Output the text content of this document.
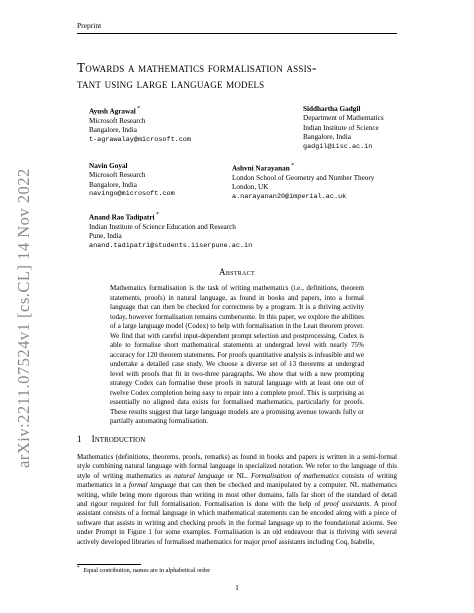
Preprint
arXiv:2211.07524v1 [cs.CL] 14 Nov 2022
Towards a mathematics formalisation assis-
tant using large language models
Ayush Agrawal *
Microsoft Research
Bangalore, India
t-agrawalay@microsoft.com
Siddhartha Gadgil
Department of Mathematics
Indian Institute of Science
Bangalore, India
gadgil@iisc.ac.in
Navin Goyal
Microsoft Research
Bangalore, India
navingo@microsoft.com
Ashvni Narayanan *
London School of Geometry and Number Theory
London, UK
a.narayanan20@imperial.ac.uk
Anand Rao Tadipatri *
Indian Institute of Science Education and Research
Pune, India
anand.tadipatri@students.iiserpune.ac.in
Abstract
Mathematics formalisation is the task of writing mathematics (i.e., definitions, theorem statements, proofs) in natural language, as found in books and papers, into a formal language that can then be checked for correctness by a program. It is a thriving activity today, however formalisation remains cumbersome. In this paper, we explore the abilities of a large language model (Codex) to help with formalisation in the Lean theorem prover. We find that with careful input-dependent prompt selection and postprocessing, Codex is able to formalise short mathematical statements at undergrad level with nearly 75% accuracy for 120 theorem statements. For proofs quantitative analysis is infeasible and we undertake a detailed case study. We choose a diverse set of 13 theorems at undergrad level with proofs that fit in two-three paragraphs. We show that with a new prompting strategy Codex can formalise these proofs in natural language with at least one out of twelve Codex completion being easy to repair into a complete proof. This is surprising as essentially no aligned data exists for formalised mathematics, particularly for proofs. These results suggest that large language models are a promising avenue towards fully or partially automating formalisation.
1 Introduction
Mathematics (definitions, theorems, proofs, remarks) as found in books and papers is written in a semi-formal style combining natural language with formal language in specialized notation. We refer to the language of this style of writing mathematics as natural language or NL. Formalisation of mathematics consists of writing mathematics in a formal language that can then be checked and manipulated by a computer. NL mathematics writing, while being more rigorous than writing in most other domains, falls far short of the standard of detail and rigour required for full formalisation. Formalisation is done with the help of proof assistants. A proof assistant consists of a formal language in which mathematical statements can be encoded along with a piece of software that assists in writing and checking proofs in the formal language up to the foundational axioms. See under Prompt in Figure 1 for some examples. Formalisation is an old endeavour that is thriving with several actively developed libraries of formalised mathematics for major proof assistants including Coq, Isabelle,
* Equal contribution, names are in alphabetical order
1
